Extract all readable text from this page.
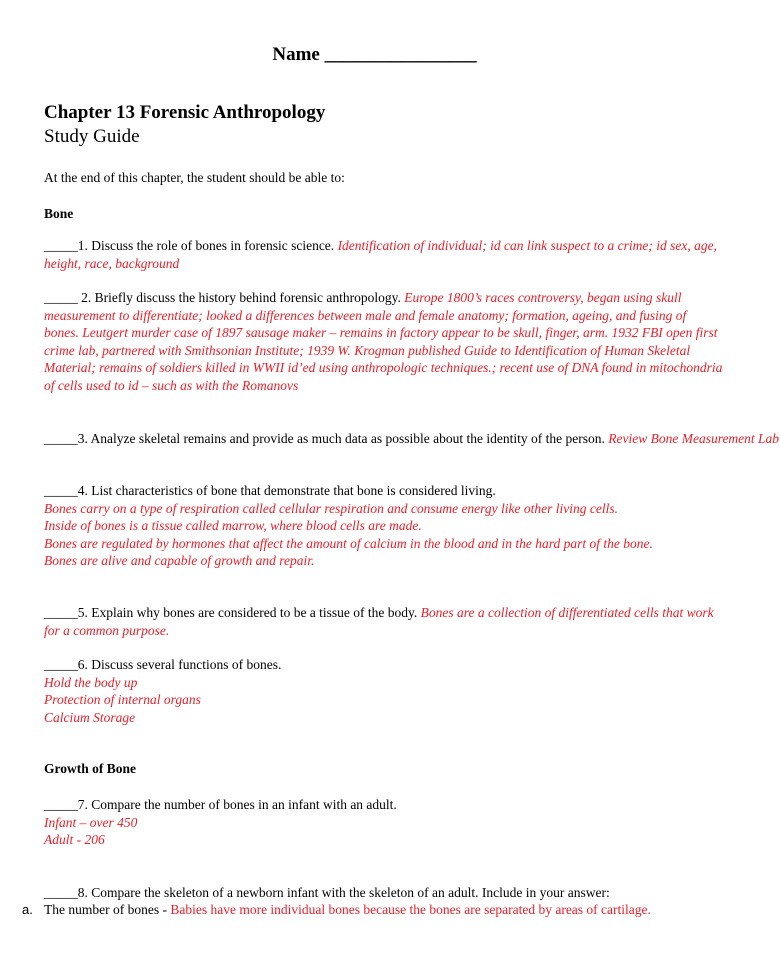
Name ________________
Chapter 13 Forensic Anthropology
Study Guide
At the end of this chapter, the student should be able to:
Bone
_____1. Discuss the role of bones in forensic science. Identification of individual; id can link suspect to a crime; id sex, age, height, race, background
_____ 2. Briefly discuss the history behind forensic anthropology. Europe 1800’s races controversy, began using skull measurement to differentiate; looked a differences between male and female anatomy; formation, ageing, and fusing of bones. Leutgert murder case of 1897 sausage maker – remains in factory appear to be skull, finger, arm. 1932 FBI open first crime lab, partnered with Smithsonian Institute; 1939 W. Krogman published Guide to Identification of Human Skeletal Material; remains of soldiers killed in WWII id’ed using anthropologic techniques.; recent use of DNA found in mitochondria of cells used to id – such as with the Romanovs
_____3. Analyze skeletal remains and provide as much data as possible about the identity of the person. Review Bone Measurement Lab
_____4. List characteristics of bone that demonstrate that bone is considered living.
Bones carry on a type of respiration called cellular respiration and consume energy like other living cells.
Inside of bones is a tissue called marrow, where blood cells are made.
Bones are regulated by hormones that affect the amount of calcium in the blood and in the hard part of the bone.
Bones are alive and capable of growth and repair.
_____5. Explain why bones are considered to be a tissue of the body. Bones are a collection of differentiated cells that work for a common purpose.
_____6. Discuss several functions of bones.
Hold the body up
Protection of internal organs
Calcium Storage
Growth of Bone
_____7. Compare the number of bones in an infant with an adult.
Infant – over 450
Adult - 206
_____8. Compare the skeleton of a newborn infant with the skeleton of an adult. Include in your answer:
a. The number of bones - Babies have more individual bones because the bones are separated by areas of cartilage.
